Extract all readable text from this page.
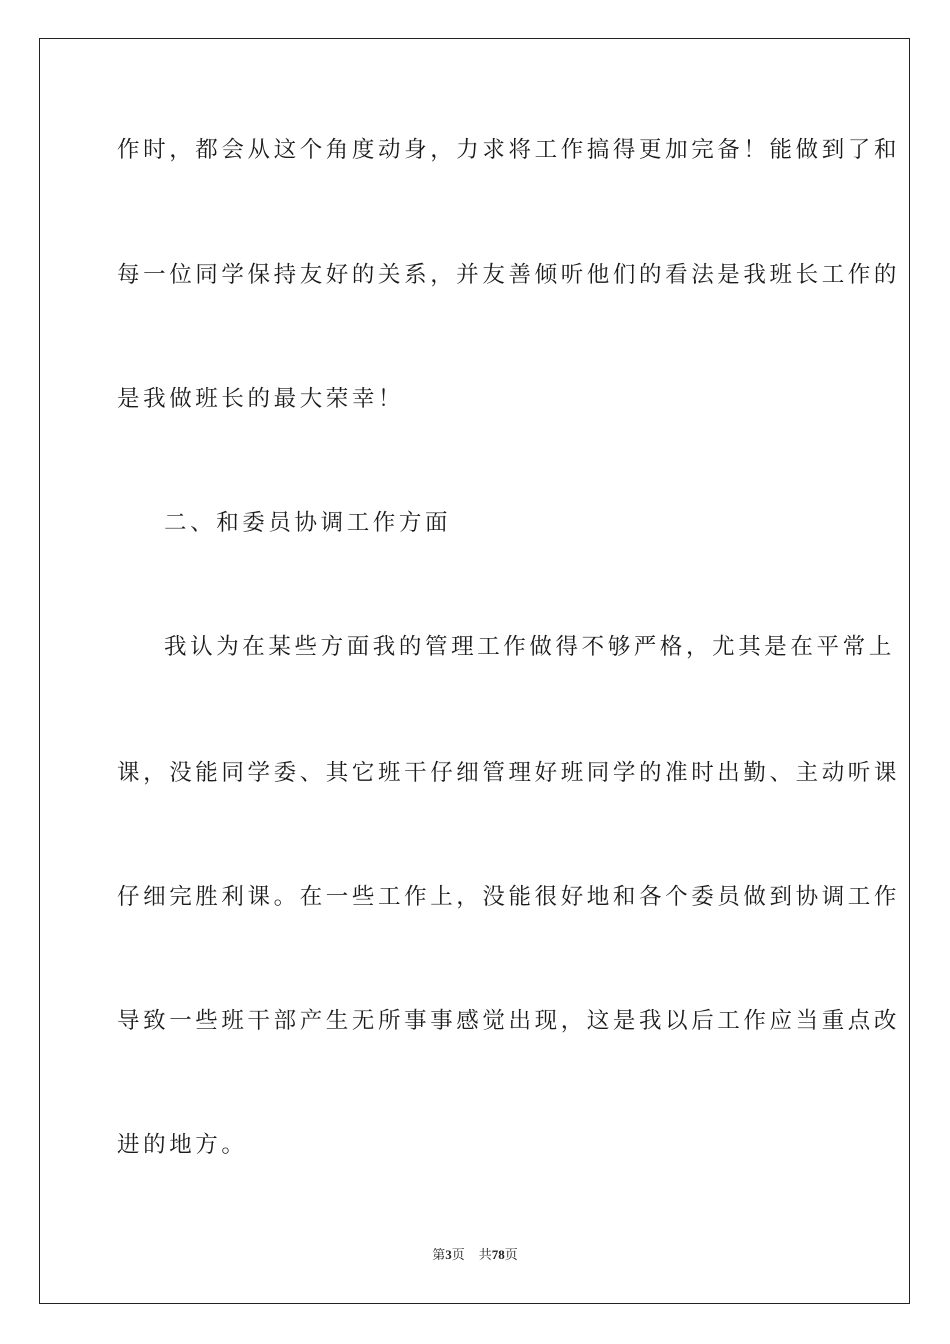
作时，都会从这个角度动身，力求将工作搞得更加完备！能做到了和
每一位同学保持友好的关系，并友善倾听他们的看法是我班长工作的
是我做班长的最大荣幸！
二、和委员协调工作方面
我认为在某些方面我的管理工作做得不够严格，尤其是在平常上
课，没能同学委、其它班干仔细管理好班同学的准时出勤、主动听课
仔细完胜利课。在一些工作上，没能很好地和各个委员做到协调工作
导致一些班干部产生无所事事感觉出现，这是我以后工作应当重点改
进的地方。
第3页 共78页
